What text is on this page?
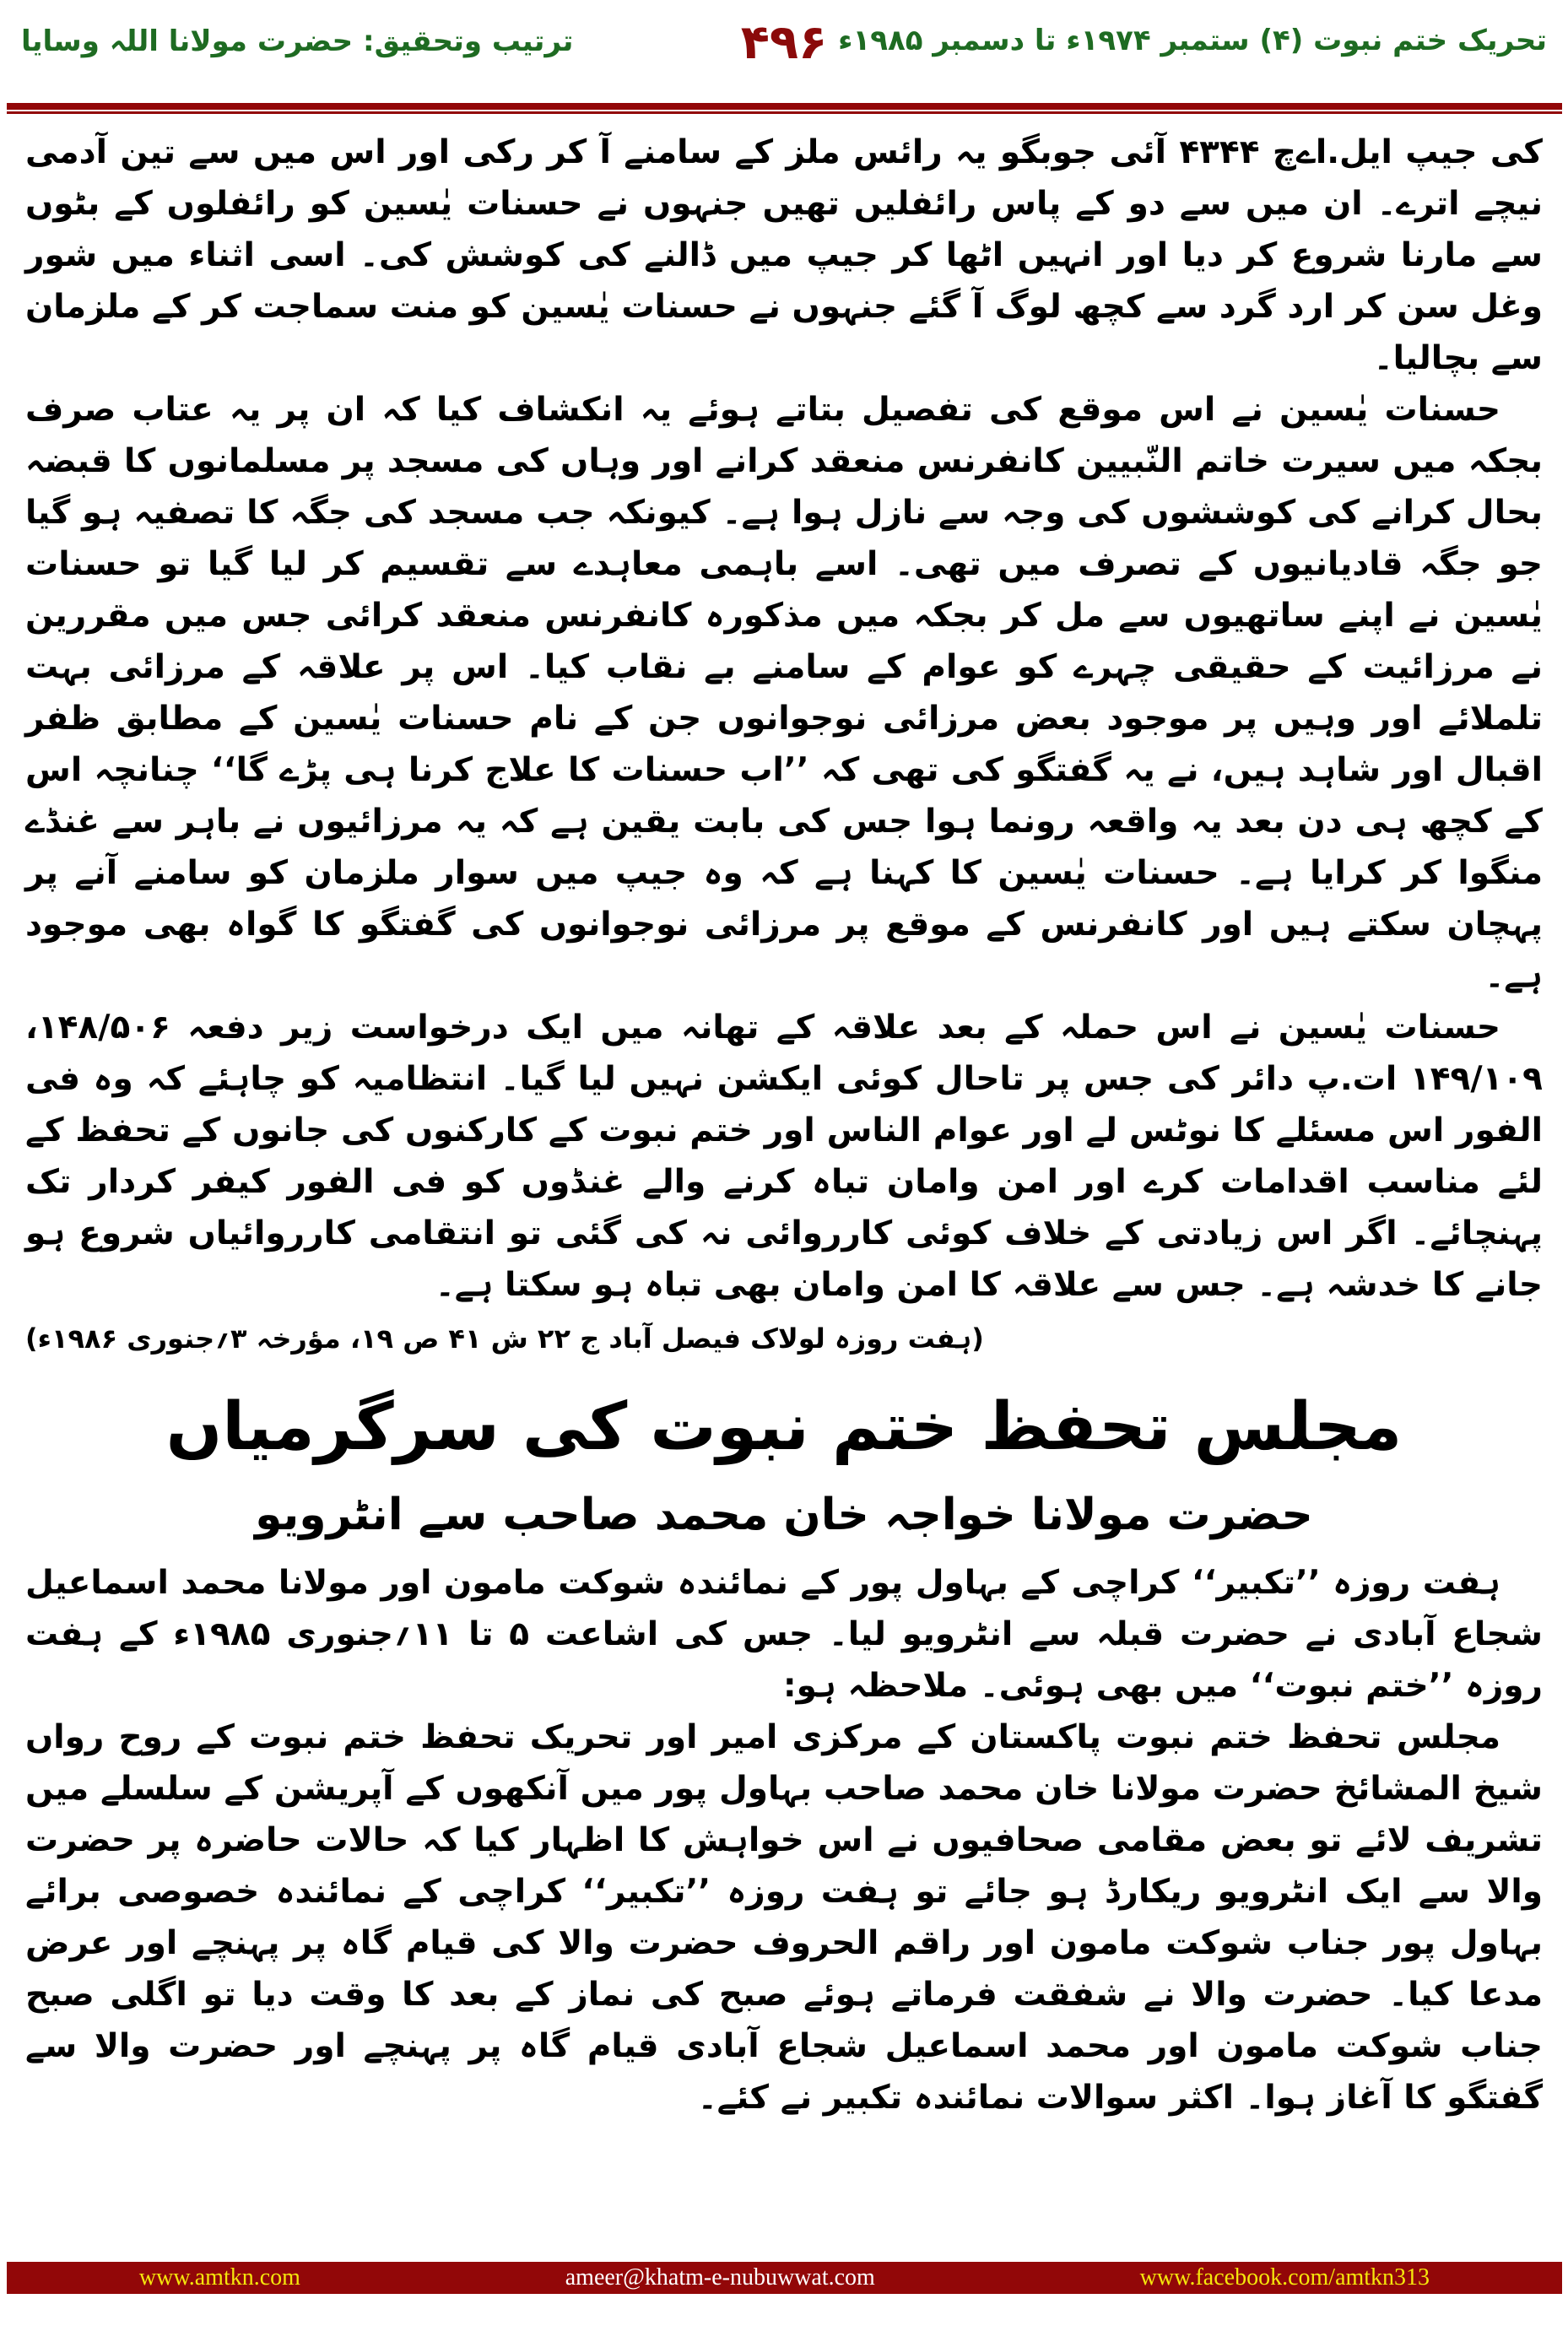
ترتیب وتحقیق: حضرت مولانا اللہ وسایا	۴۹۶ تحریک ختم نبوت (۴) ستمبر ۱۹۷۴ء تا دسمبر ۱۹۸۵ء

کی جیپ ایل.اےچ ۴۳۴۴ آئی جوبگو یہ رائس ملز کے سامنے آ کر رکی اور اس میں سے تین آدمی نیچے اترے۔ ان میں سے دو کے پاس رائفلیں تھیں جنہوں نے حسنات یٰسین کو رائفلوں کے بٹوں سے مارنا شروع کر دیا اور انہیں اٹھا کر جیپ میں ڈالنے کی کوشش کی۔ اسی اثناء میں شور وغل سن کر ارد گرد سے کچھ لوگ آ گئے جنہوں نے حسنات یٰسین کو منت سماجت کر کے ملزمان سے بچالیا۔

حسنات یٰسین نے اس موقع کی تفصیل بتاتے ہوئے یہ انکشاف کیا کہ ان پر یہ عتاب صرف بجکہ میں سیرت خاتم النّبیین کانفرنس منعقد کرانے اور وہاں کی مسجد پر مسلمانوں کا قبضہ بحال کرانے کی کوششوں کی وجہ سے نازل ہوا ہے۔ کیونکہ جب مسجد کی جگہ کا تصفیہ ہو گیا جو جگہ قادیانیوں کے تصرف میں تھی۔ اسے باہمی معاہدے سے تقسیم کر لیا گیا تو حسنات یٰسین نے اپنے ساتھیوں سے مل کر بجکہ میں مذکورہ کانفرنس منعقد کرائی جس میں مقررین نے مرزائیت کے حقیقی چہرے کو عوام کے سامنے بے نقاب کیا۔ اس پر علاقہ کے مرزائی بہت تلملائے اور وہیں پر موجود بعض مرزائی نوجوانوں جن کے نام حسنات یٰسین کے مطابق ظفر اقبال اور شاہد ہیں، نے یہ گفتگو کی تھی کہ ’’اب حسنات کا علاج کرنا ہی پڑے گا‘‘ چنانچہ اس کے کچھ ہی دن بعد یہ واقعہ رونما ہوا جس کی بابت یقین ہے کہ یہ مرزائیوں نے باہر سے غنڈے منگوا کر کرایا ہے۔ حسنات یٰسین کا کہنا ہے کہ وہ جیپ میں سوار ملزمان کو سامنے آنے پر پہچان سکتے ہیں اور کانفرنس کے موقع پر مرزائی نوجوانوں کی گفتگو کا گواہ بھی موجود ہے۔

حسنات یٰسین نے اس حملہ کے بعد علاقہ کے تھانہ میں ایک درخواست زیر دفعہ ۱۴۸/۵۰۶، ۱۴۹/۱۰۹ ات.پ دائر کی جس پر تاحال کوئی ایکشن نہیں لیا گیا۔ انتظامیہ کو چاہئے کہ وہ فی الفور اس مسئلے کا نوٹس لے اور عوام الناس اور ختم نبوت کے کارکنوں کی جانوں کے تحفظ کے لئے مناسب اقدامات کرے اور امن وامان تباہ کرنے والے غنڈوں کو فی الفور کیفر کردار تک پہنچائے۔ اگر اس زیادتی کے خلاف کوئی کارروائی نہ کی گئی تو انتقامی کارروائیاں شروع ہو جانے کا خدشہ ہے۔ جس سے علاقہ کا امن وامان بھی تباہ ہو سکتا ہے۔

(ہفت روزہ لولاک فیصل آباد ج ۲۲ ش ۴۱ ص ۱۹، مؤرخہ ۳؍جنوری ۱۹۸۶ء)

مجلس تحفظ ختم نبوت کی سرگرمیاں
حضرت مولانا خواجہ خان محمد صاحب سے انٹرویو

ہفت روزہ ’’تکبیر‘‘ کراچی کے بہاول پور کے نمائندہ شوکت مامون اور مولانا محمد اسماعیل شجاع آبادی نے حضرت قبلہ سے انٹرویو لیا۔ جس کی اشاعت ۵ تا ۱۱؍جنوری ۱۹۸۵ء کے ہفت روزہ ’’ختم نبوت‘‘ میں بھی ہوئی۔ ملاحظہ ہو:

مجلس تحفظ ختم نبوت پاکستان کے مرکزی امیر اور تحریک تحفظ ختم نبوت کے روح رواں شیخ المشائخ حضرت مولانا خان محمد صاحب بہاول پور میں آنکھوں کے آپریشن کے سلسلے میں تشریف لائے تو بعض مقامی صحافیوں نے اس خواہش کا اظہار کیا کہ حالات حاضرہ پر حضرت والا سے ایک انٹرویو ریکارڈ ہو جائے تو ہفت روزہ ’’تکبیر‘‘ کراچی کے نمائندہ خصوصی برائے بہاول پور جناب شوکت مامون اور راقم الحروف حضرت والا کی قیام گاہ پر پہنچے اور عرض مدعا کیا۔ حضرت والا نے شفقت فرماتے ہوئے صبح کی نماز کے بعد کا وقت دیا تو اگلی صبح جناب شوکت مامون اور محمد اسماعیل شجاع آبادی قیام گاہ پر پہنچے اور حضرت والا سے گفتگو کا آغاز ہوا۔ اکثر سوالات نمائندہ تکبیر نے کئے۔

www.amtkn.com	ameer@khatm-e-nubuwwat.com	www.facebook.com/amtkn313
